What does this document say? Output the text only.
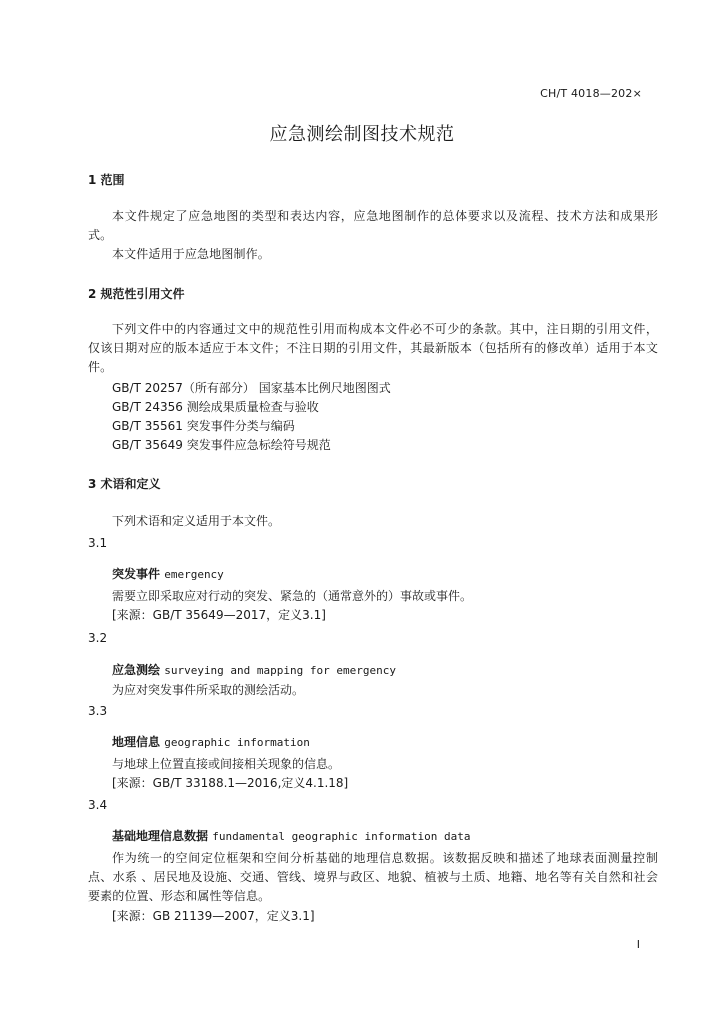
CH/T 4018—202×
应急测绘制图技术规范
1 范围
本文件规定了应急地图的类型和表达内容，应急地图制作的总体要求以及流程、技术方法和成果形式。
本文件适用于应急地图制作。
2 规范性引用文件
下列文件中的内容通过文中的规范性引用而构成本文件必不可少的条款。其中，注日期的引用文件，仅该日期对应的版本适应于本文件；不注日期的引用文件，其最新版本（包括所有的修改单）适用于本文件。
GB/T 20257（所有部分） 国家基本比例尺地图图式
GB/T 24356 测绘成果质量检查与验收
GB/T 35561 突发事件分类与编码
GB/T 35649 突发事件应急标绘符号规范
3 术语和定义
下列术语和定义适用于本文件。
3.1
突发事件 emergency
需要立即采取应对行动的突发、紧急的（通常意外的）事故或事件。
[来源：GB/T 35649—2017，定义3.1]
3.2
应急测绘 surveying and mapping for emergency
为应对突发事件所采取的测绘活动。
3.3
地理信息 geographic information
与地球上位置直接或间接相关现象的信息。
[来源：GB/T 33188.1—2016,定义4.1.18]
3.4
基础地理信息数据 fundamental geographic information data
作为统一的空间定位框架和空间分析基础的地理信息数据。该数据反映和描述了地球表面测量控制点、水系 、居民地及设施、交通、管线、境界与政区、地貌、植被与土质、地籍、地名等有关自然和社会要素的位置、形态和属性等信息。
[来源：GB 21139—2007，定义3.1]
I
